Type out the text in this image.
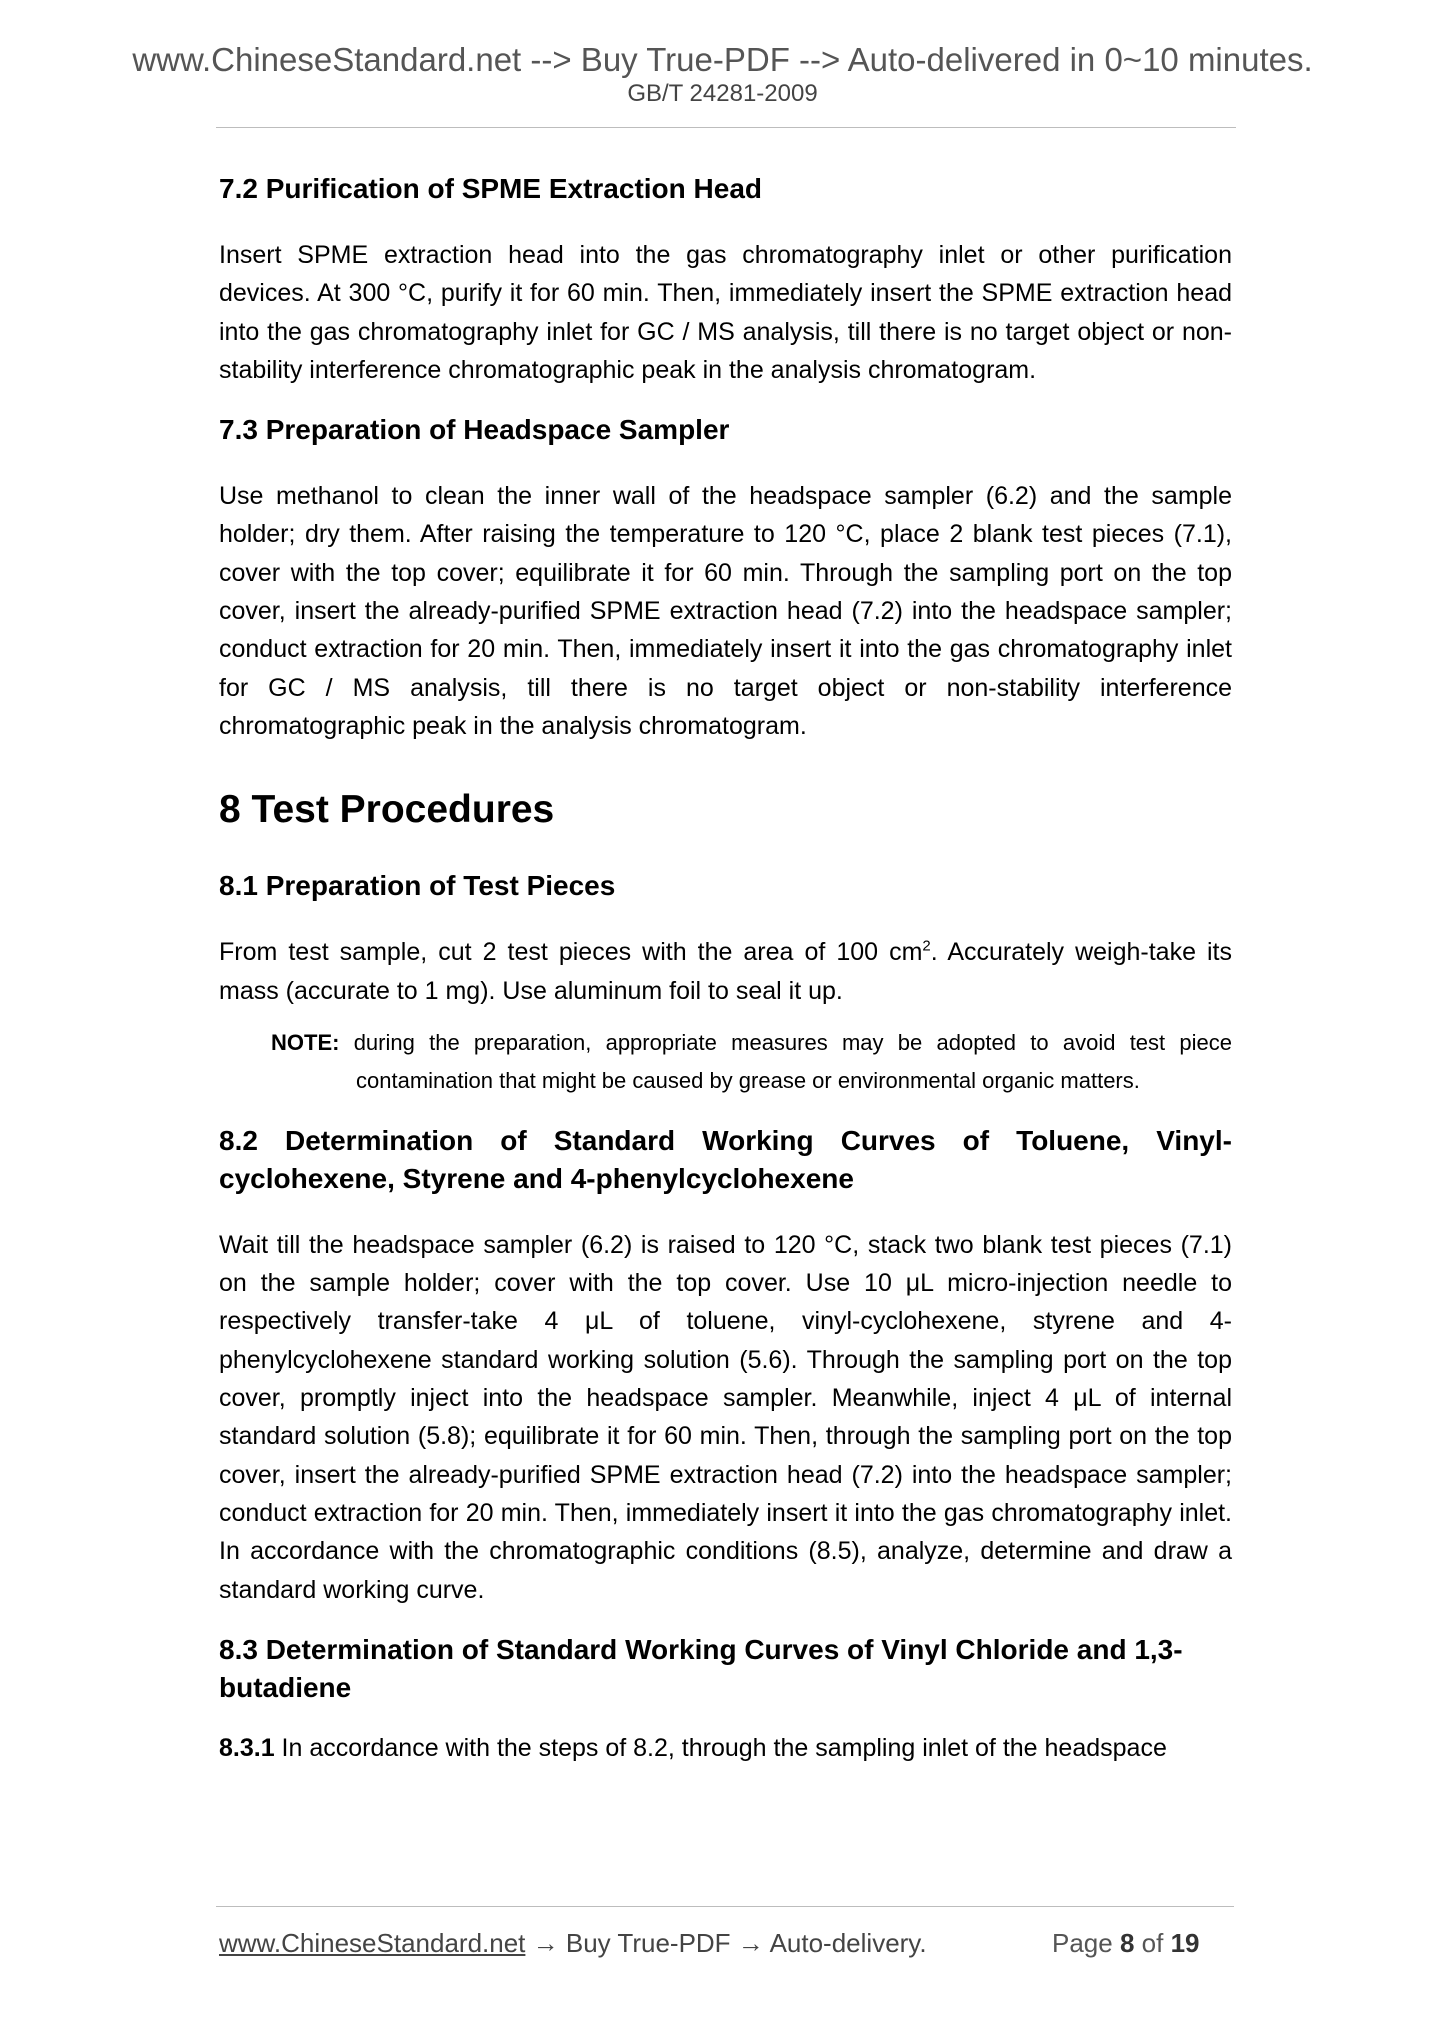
www.ChineseStandard.net --> Buy True-PDF --> Auto-delivered in 0~10 minutes.
GB/T 24281-2009

7.2 Purification of SPME Extraction Head

Insert SPME extraction head into the gas chromatography inlet or other purification devices. At 300 °C, purify it for 60 min. Then, immediately insert the SPME extraction head into the gas chromatography inlet for GC / MS analysis, till there is no target object or non-stability interference chromatographic peak in the analysis chromatogram.

7.3 Preparation of Headspace Sampler

Use methanol to clean the inner wall of the headspace sampler (6.2) and the sample holder; dry them. After raising the temperature to 120 °C, place 2 blank test pieces (7.1), cover with the top cover; equilibrate it for 60 min. Through the sampling port on the top cover, insert the already-purified SPME extraction head (7.2) into the headspace sampler; conduct extraction for 20 min. Then, immediately insert it into the gas chromatography inlet for GC / MS analysis, till there is no target object or non-stability interference chromatographic peak in the analysis chromatogram.

8 Test Procedures

8.1 Preparation of Test Pieces

From test sample, cut 2 test pieces with the area of 100 $cm^2$. Accurately weigh-take its mass (accurate to 1 mg). Use aluminum foil to seal it up.

NOTE: during the preparation, appropriate measures may be adopted to avoid test piece contamination that might be caused by grease or environmental organic matters.

8.2 Determination of Standard Working Curves of Toluene, Vinyl-cyclohexene, Styrene and 4-phenylcyclohexene

Wait till the headspace sampler (6.2) is raised to 120 °C, stack two blank test pieces (7.1) on the sample holder; cover with the top cover. Use 10 μL micro-injection needle to respectively transfer-take 4 μL of toluene, vinyl-cyclohexene, styrene and 4-phenylcyclohexene standard working solution (5.6). Through the sampling port on the top cover, promptly inject into the headspace sampler. Meanwhile, inject 4 μL of internal standard solution (5.8); equilibrate it for 60 min. Then, through the sampling port on the top cover, insert the already-purified SPME extraction head (7.2) into the headspace sampler; conduct extraction for 20 min. Then, immediately insert it into the gas chromatography inlet. In accordance with the chromatographic conditions (8.5), analyze, determine and draw a standard working curve.

8.3 Determination of Standard Working Curves of Vinyl Chloride and 1,3-butadiene

8.3.1 In accordance with the steps of 8.2, through the sampling inlet of the headspace

www.ChineseStandard.net → Buy True-PDF → Auto-delivery.	Page 8 of 19
